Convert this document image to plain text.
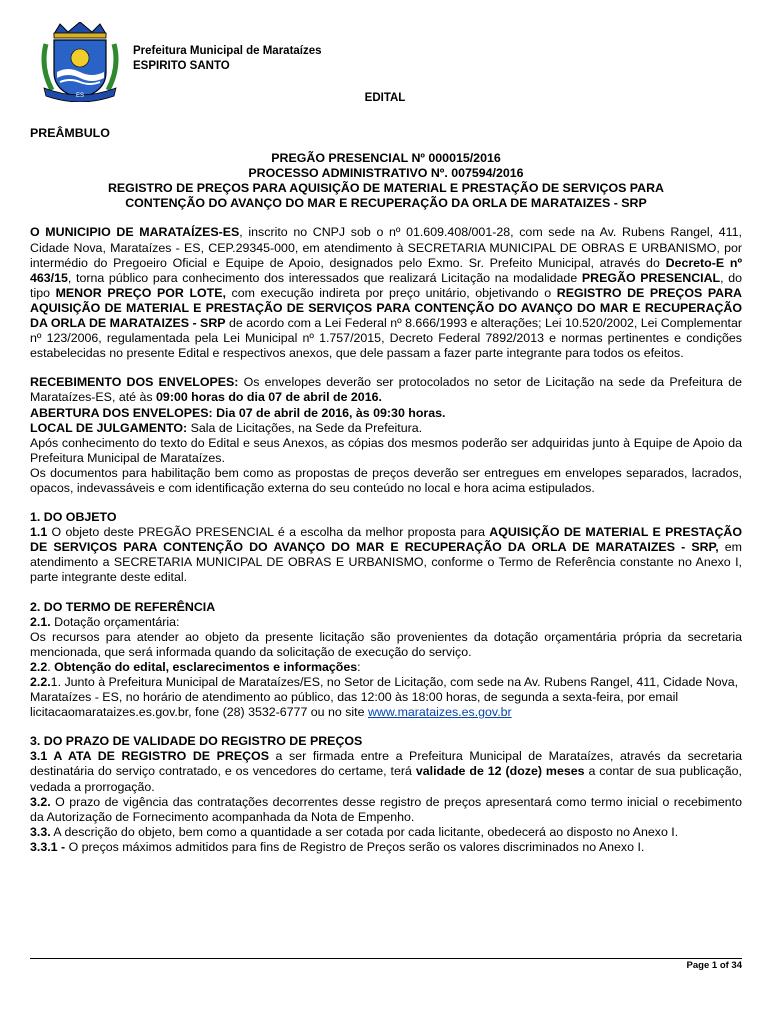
ES
Prefeitura Municipal de Marataízes
ESPIRITO SANTO
EDITAL

PREÂMBULO

PREGÃO PRESENCIAL Nº 000015/2016

PROCESSO ADMINISTRATIVO Nº. 007594/2016

REGISTRO DE PREÇOS PARA AQUISIÇÃO DE MATERIAL E PRESTAÇÃO DE SERVIÇOS PARA

CONTENÇÃO DO AVANÇO DO MAR E RECUPERAÇÃO DA ORLA DE MARATAIZES - SRP

O MUNICIPIO DE MARATAÍZES-ES, inscrito no CNPJ sob o nº 01.609.408/001-28, com sede na Av. Rubens Rangel, 411, Cidade Nova, Marataízes - ES, CEP.29345-000, em atendimento à SECRETARIA MUNICIPAL DE OBRAS E URBANISMO, por intermédio do Pregoeiro Oficial e Equipe de Apoio, designados pelo Exmo. Sr. Prefeito Municipal, através do Decreto-E nº 463/15, torna público para conhecimento dos interessados que realizará Licitação na modalidade PREGÃO PRESENCIAL, do tipo MENOR PREÇO POR LOTE, com execução indireta por preço unitário, objetivando o REGISTRO DE PREÇOS PARA AQUISIÇÃO DE MATERIAL E PRESTAÇÃO DE SERVIÇOS PARA CONTENÇÃO DO AVANÇO DO MAR E RECUPERAÇÃO DA ORLA DE MARATAIZES - SRP de acordo com a Lei Federal nº 8.666/1993 e alterações; Lei 10.520/2002, Lei Complementar nº 123/2006, regulamentada pela Lei Municipal nº 1.757/2015, Decreto Federal 7892/2013 e normas pertinentes e condições estabelecidas no presente Edital e respectivos anexos, que dele passam a fazer parte integrante para todos os efeitos.

RECEBIMENTO DOS ENVELOPES: Os envelopes deverão ser protocolados no setor de Licitação na sede da Prefeitura de Marataízes-ES, até às 09:00 horas do dia 07 de abril de 2016.

ABERTURA DOS ENVELOPES: Dia 07 de abril de 2016, às 09:30 horas.

LOCAL DE JULGAMENTO: Sala de Licitações, na Sede da Prefeitura.

Após conhecimento do texto do Edital e seus Anexos, as cópias dos mesmos poderão ser adquiridas junto à Equipe de Apoio da Prefeitura Municipal de Marataízes.

Os documentos para habilitação bem como as propostas de preços deverão ser entregues em envelopes separados, lacrados, opacos, indevassáveis e com identificação externa do seu conteúdo no local e hora acima estipulados.

1. DO OBJETO

1.1 O objeto deste PREGÃO PRESENCIAL é a escolha da melhor proposta para AQUISIÇÃO DE MATERIAL E PRESTAÇÃO DE SERVIÇOS PARA CONTENÇÃO DO AVANÇO DO MAR E RECUPERAÇÃO DA ORLA DE MARATAIZES - SRP, em atendimento a SECRETARIA MUNICIPAL DE OBRAS E URBANISMO, conforme o Termo de Referência constante no Anexo I, parte integrante deste edital.

2. DO TERMO DE REFERÊNCIA

2.1. Dotação orçamentária:

Os recursos para atender ao objeto da presente licitação são provenientes da dotação orçamentária própria da secretaria mencionada, que será informada quando da solicitação de execução do serviço.

2.2. Obtenção do edital, esclarecimentos e informações:

2.2.1. Junto à Prefeitura Municipal de Marataízes/ES, no Setor de Licitação, com sede na Av. Rubens Rangel, 411, Cidade Nova, Marataízes - ES, no horário de atendimento ao público, das 12:00 às 18:00 horas, de segunda a sexta-feira, por email licitacaomarataizes.es.gov.br, fone (28) 3532-6777 ou no site www.marataizes.es.gov.br

3. DO PRAZO DE VALIDADE DO REGISTRO DE PREÇOS

3.1 A ATA DE REGISTRO DE PREÇOS a ser firmada entre a Prefeitura Municipal de Marataízes, através da secretaria destinatária do serviço contratado, e os vencedores do certame, terá validade de 12 (doze) meses a contar de sua publicação, vedada a prorrogação.

3.2. O prazo de vigência das contratações decorrentes desse registro de preços apresentará como termo inicial o recebimento da Autorização de Fornecimento acompanhada da Nota de Empenho.

3.3. A descrição do objeto, bem como a quantidade a ser cotada por cada licitante, obedecerá ao disposto no Anexo I.

3.3.1 - O preços máximos admitidos para fins de Registro de Preços serão os valores discriminados no Anexo I.

Page 1 of 34
